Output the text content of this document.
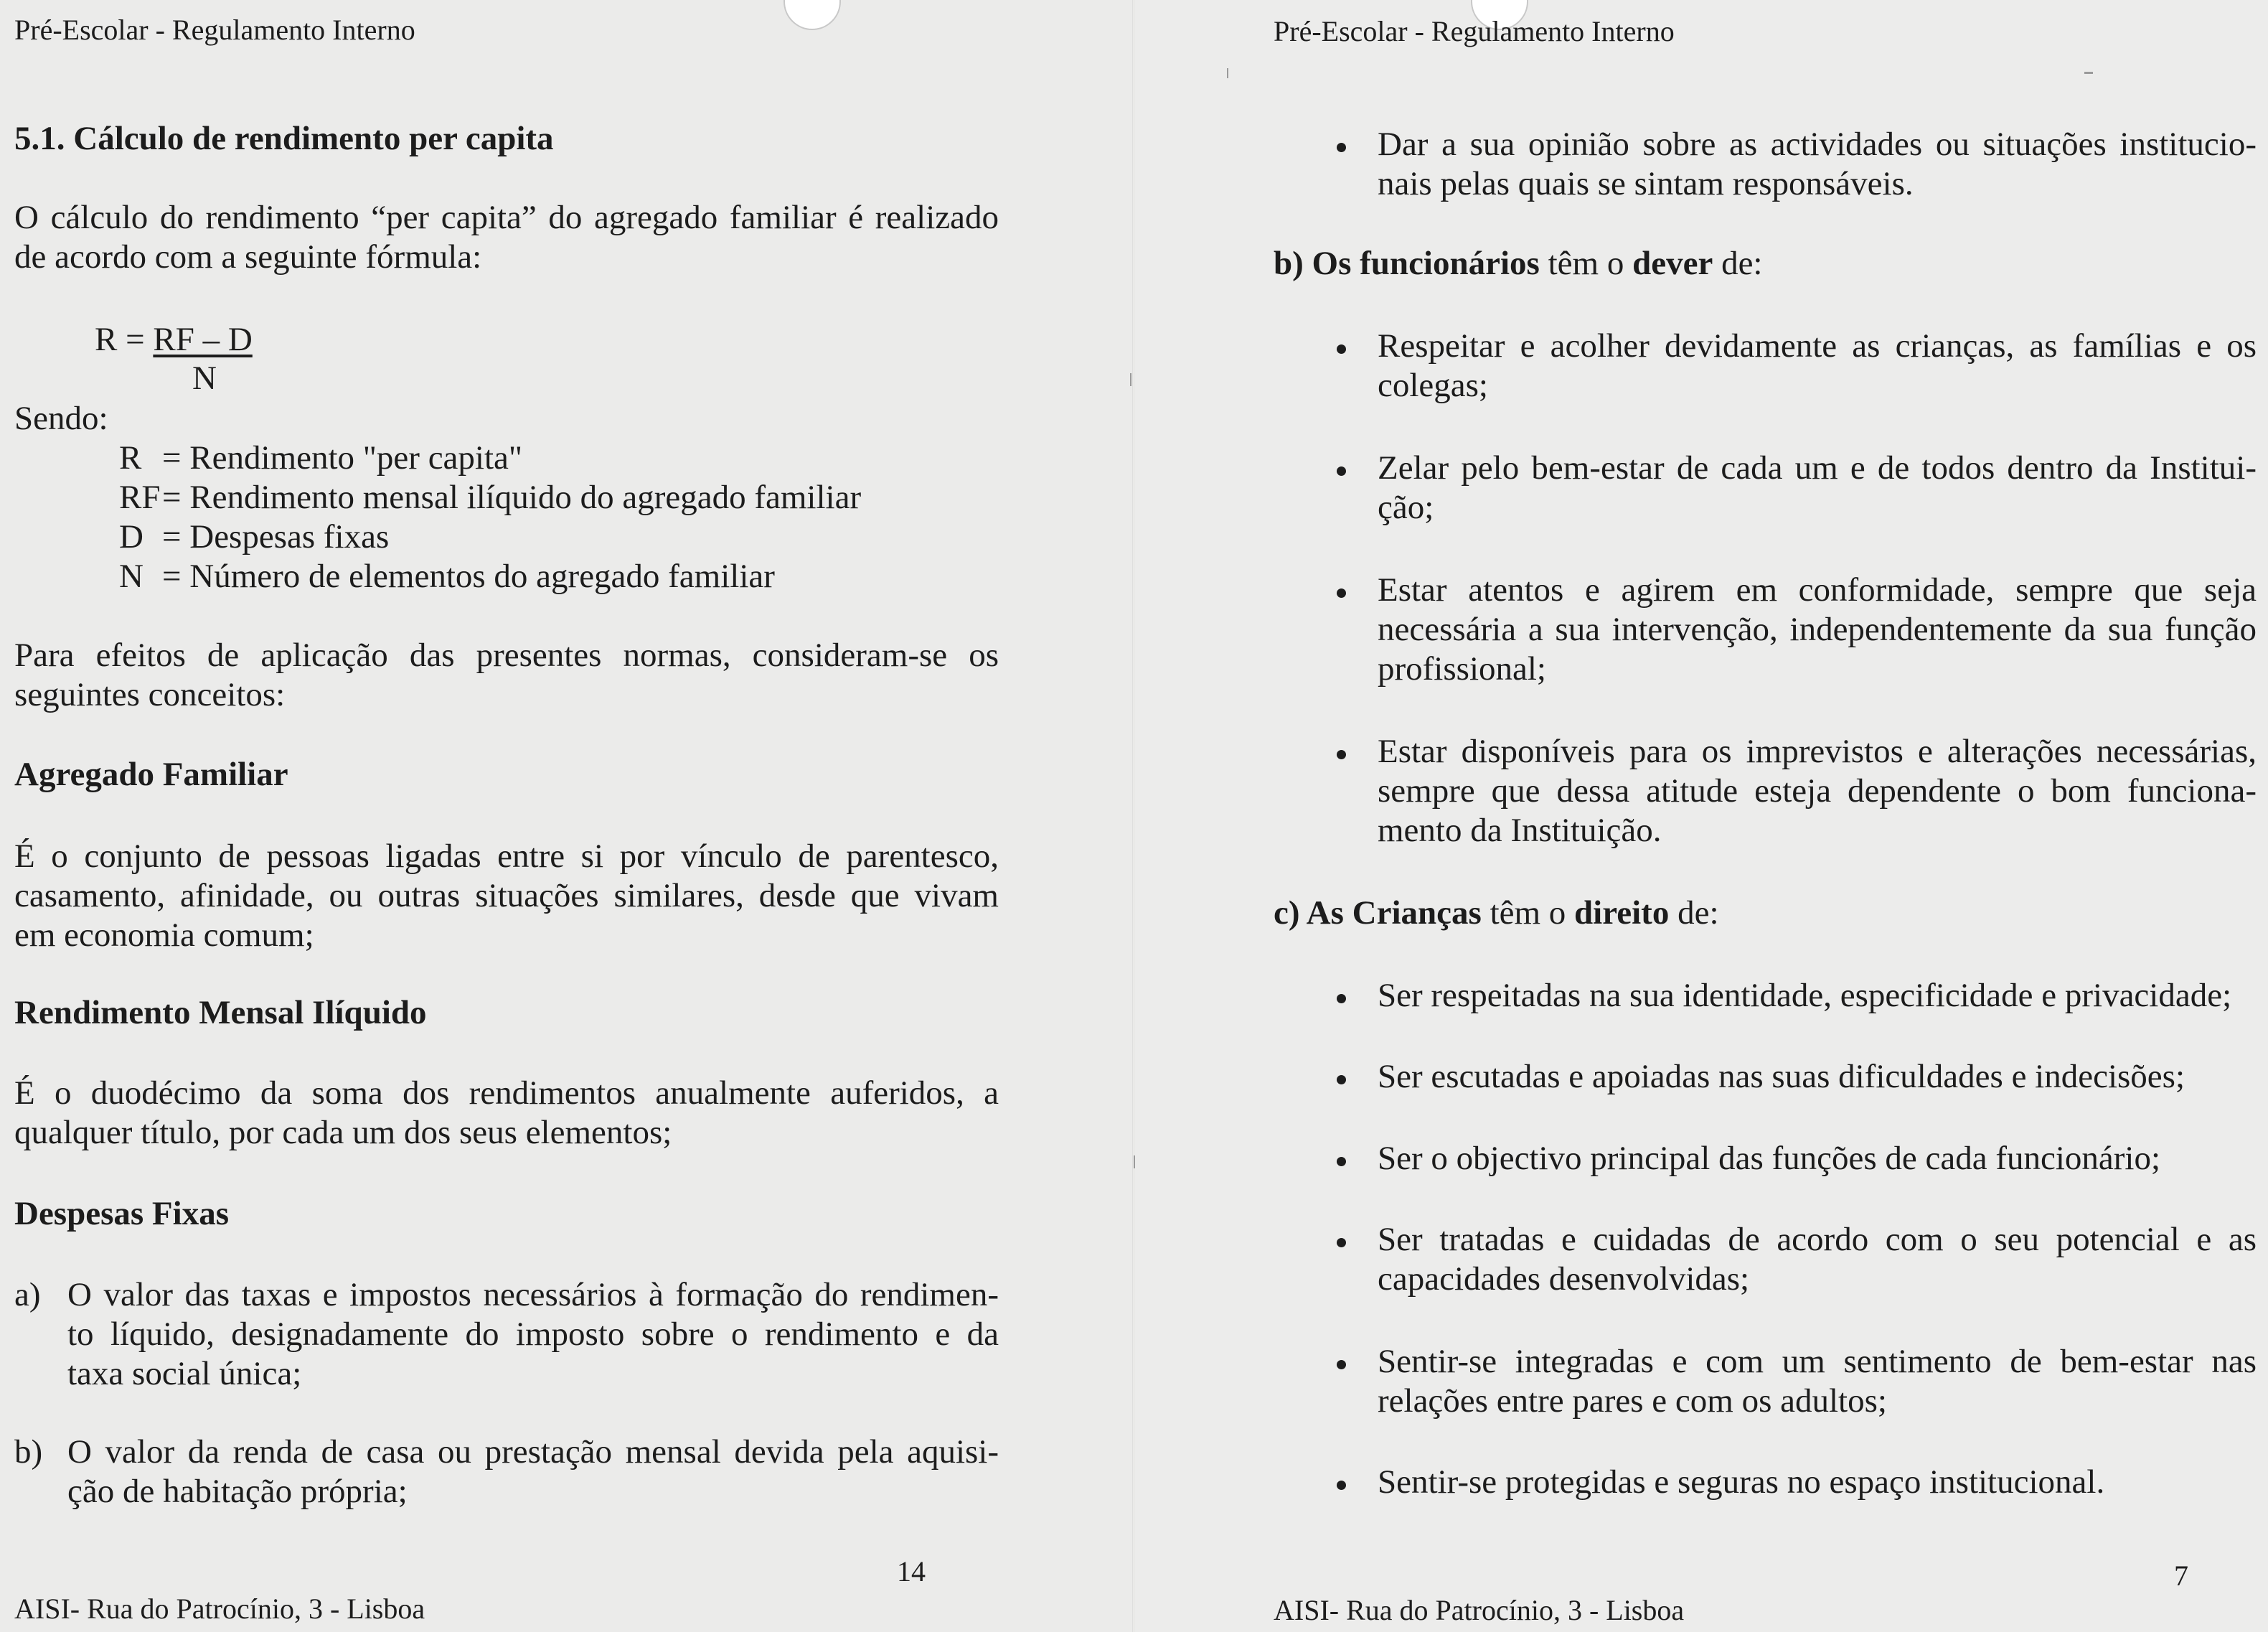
Pré-Escolar - Regulamento Interno
5.1. Cálculo de rendimento per capita

O cálculo do rendimento “per capita” do agregado familiar é realizado

de acordo com a seguinte fórmula:

R = RF – D
N
Sendo:
R = Rendimento "per capita"
RF= Rendimento mensal ilíquido do agregado familiar
D = Despesas fixas
N = Número de elementos do agregado familiar

Para efeitos de aplicação das presentes normas, consideram-se os

seguintes conceitos:

Agregado Familiar

É o conjunto de pessoas ligadas entre si por vínculo de parentesco,

casamento, afinidade, ou outras situações similares, desde que vivam

em economia comum;

Rendimento Mensal Ilíquido

É o duodécimo da soma dos rendimentos anualmente auferidos, a

qualquer título, por cada um dos seus elementos;

Despesas Fixas
a) O valor das taxas e impostos necessários à formação do rendimen-

to líquido, designadamente do imposto sobre o rendimento e da

taxa social única;

b) O valor da renda de casa ou prestação mensal devida pela aquisi-

ção de habitação própria;

14
AISI- Rua do Patrocínio, 3 - Lisboa
Pré-Escolar - Regulamento Interno
Dar a sua opinião sobre as actividades ou situações institucio-
nais pelas quais se sintam responsáveis.
b) Os funcionários têm o dever de:
Respeitar e acolher devidamente as crianças, as famílias e os
colegas;
Zelar pelo bem-estar de cada um e de todos dentro da Institui-
ção;
Estar atentos e agirem em conformidade, sempre que seja
necessária a sua intervenção, independentemente da sua função
profissional;
Estar disponíveis para os imprevistos e alterações necessárias,
sempre que dessa atitude esteja dependente o bom funciona-
mento da Instituição.
c) As Crianças têm o direito de:
Ser respeitadas na sua identidade, especificidade e privacidade;
Ser escutadas e apoiadas nas suas dificuldades e indecisões;
Ser o objectivo principal das funções de cada funcionário;
Ser tratadas e cuidadas de acordo com o seu potencial e as
capacidades desenvolvidas;
Sentir-se integradas e com um sentimento de bem-estar nas
relações entre pares e com os adultos;
Sentir-se protegidas e seguras no espaço institucional.
7
AISI- Rua do Patrocínio, 3 - Lisboa
